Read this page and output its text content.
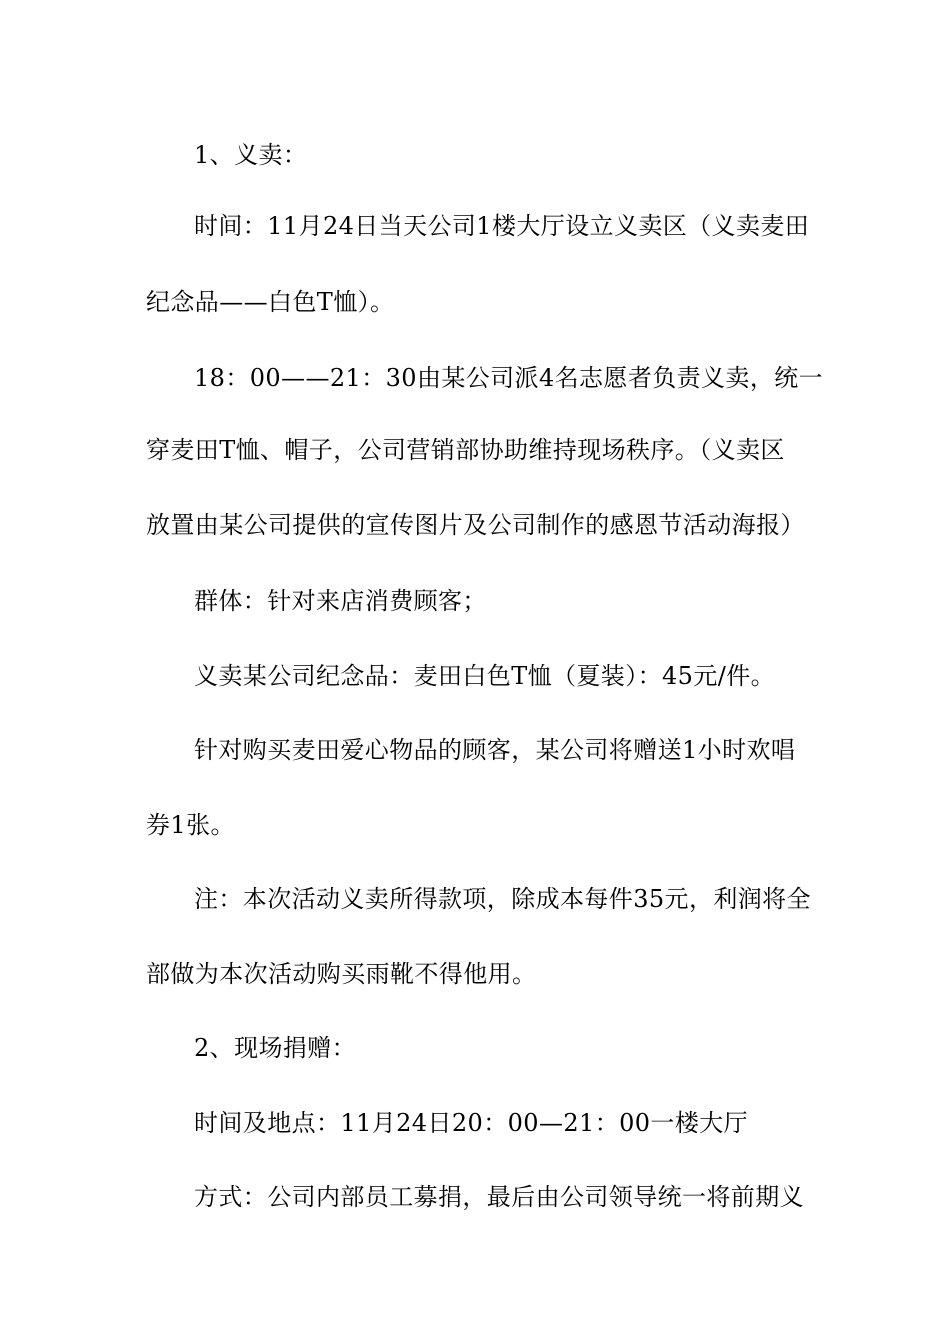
1、义卖：
时间：11月24日当天公司1楼大厅设立义卖区（义卖麦田
纪念品——白色T恤）。
18：00——21：30由某公司派4名志愿者负责义卖，统一
穿麦田T恤、帽子，公司营销部协助维持现场秩序。（义卖区
放置由某公司提供的宣传图片及公司制作的感恩节活动海报）
群体：针对来店消费顾客；
义卖某公司纪念品：麦田白色T恤（夏装）：45元/件。
针对购买麦田爱心物品的顾客，某公司将赠送1小时欢唱
券1张。
注：本次活动义卖所得款项，除成本每件35元，利润将全
部做为本次活动购买雨靴不得他用。
2、现场捐赠：
时间及地点：11月24日20：00—21：00一楼大厅
方式：公司内部员工募捐，最后由公司领导统一将前期义
